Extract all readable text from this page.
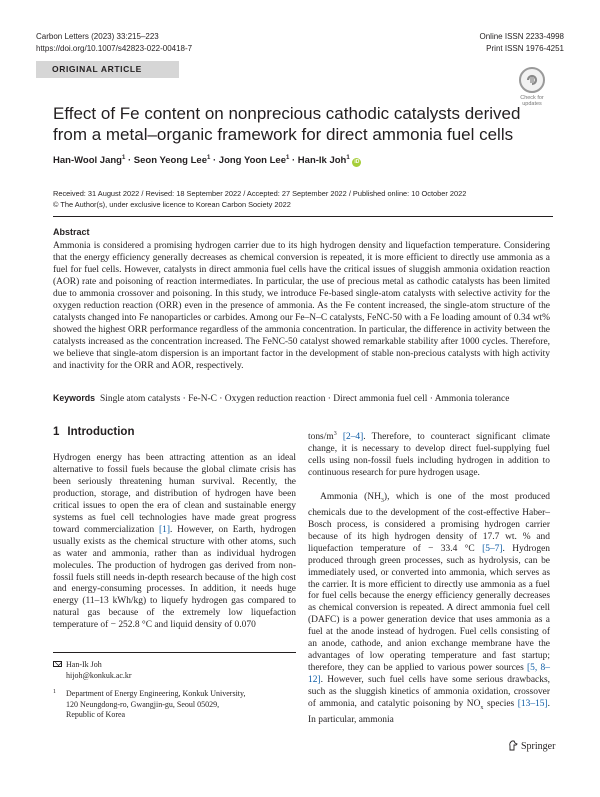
Carbon Letters (2023) 33:215–223
https://doi.org/10.1007/s42823-022-00418-7
Online ISSN 2233-4998
Print ISSN 1976-4251
ORIGINAL ARTICLE
Check for
updates
Effect of Fe content on nonprecious cathodic catalysts derived
from a metal–organic framework for direct ammonia fuel cells
Han-Wool Jang$^1$ · Seon Yeong Lee$^1$ · Jong Yoon Lee$^1$ · Han-Ik Joh$^1$ iD
Received: 31 August 2022 / Revised: 18 September 2022 / Accepted: 27 September 2022 / Published online: 10 October 2022
© The Author(s), under exclusive licence to Korean Carbon Society 2022
Abstract
Ammonia is considered a promising hydrogen carrier due to its high hydrogen density and liquefaction temperature. Considering that the energy efficiency generally decreases as chemical conversion is repeated, it is more efficient to directly use ammonia as a fuel for fuel cells. However, catalysts in direct ammonia fuel cells have the critical issues of sluggish ammonia oxidation reaction (AOR) rate and poisoning of reaction intermediates. In particular, the use of precious metal as cathodic catalysts has been limited due to ammonia crossover and poisoning. In this study, we introduce Fe-based single-atom catalysts with selective activity for the oxygen reduction reaction (ORR) even in the presence of ammonia. As the Fe content increased, the single-atom structure of the catalysts changed into Fe nanoparticles or carbides. Among our Fe–N–C catalysts, FeNC-50 with a Fe loading amount of 0.34 wt% showed the highest ORR performance regardless of the ammonia concentration. In particular, the difference in activity between the catalysts increased as the concentration increased. The FeNC-50 catalyst showed remarkable stability after 1000 cycles. Therefore, we believe that single-atom dispersion is an important factor in the development of stable non-precious catalysts with high activity and inactivity for the ORR and AOR, respectively.
Keywords Single atom catalysts · Fe-N-C · Oxygen reduction reaction · Direct ammonia fuel cell · Ammonia tolerance
1 Introduction

Hydrogen energy has been attracting attention as an ideal alternative to fossil fuels because the global climate crisis has been seriously threatening human survival. Recently, the production, storage, and distribution of hydrogen have been critical issues to open the era of clean and sustainable energy systems as fuel cell technologies have made great progress toward commercialization [1]. However, on Earth, hydrogen usually exists as the chemical structure with other atoms, such as water and ammonia, rather than as individual hydrogen molecules. The production of hydrogen gas derived from non-fossil fuels still needs in-depth research because of the high cost and energy-consuming processes. In addition, it needs huge energy (11–13 kWh/kg) to liquefy hydrogen gas compared to natural gas because of the extremely low liquefaction temperature of − 252.8 °C and liquid density of 0.070

tons/$m^3$ [2–4]. Therefore, to counteract significant climate change, it is necessary to develop direct fuel-supplying fuel cells using non-fossil fuels including hydrogen in addition to continuous research for pure hydrogen usage.

Ammonia $(NH_3)$, which is one of the most produced chemicals due to the development of the cost-effective Haber–Bosch process, is considered a promising hydrogen carrier because of its high hydrogen density of 17.7 wt. % and liquefaction temperature of − 33.4 °C [5–7]. Hydrogen produced through green processes, such as hydrolysis, can be immediately used, or converted into ammonia, which serves as the carrier. It is more efficient to directly use ammonia as a fuel for fuel cells because the energy efficiency generally decreases as chemical conversion is repeated. A direct ammonia fuel cell (DAFC) is a power generation device that uses ammonia as a fuel at the anode instead of hydrogen. Fuel cells consisting of an anode, cathode, and anion exchange membrane have the advantages of low operating temperature and fast startup; therefore, they can be applied to various power sources [5, 8–12]. However, such fuel cells have some serious drawbacks, such as the sluggish kinetics of ammonia oxidation, crossover of ammonia, and catalytic poisoning by $NO_x$ species [13–15]. In particular, ammonia

Han-Ik Joh
hijoh@konkuk.ac.kr
1 Department of Energy Engineering, Konkuk University,
120 Neungdong-ro, Gwangjin-gu, Seoul 05029,
Republic of Korea
Springer
